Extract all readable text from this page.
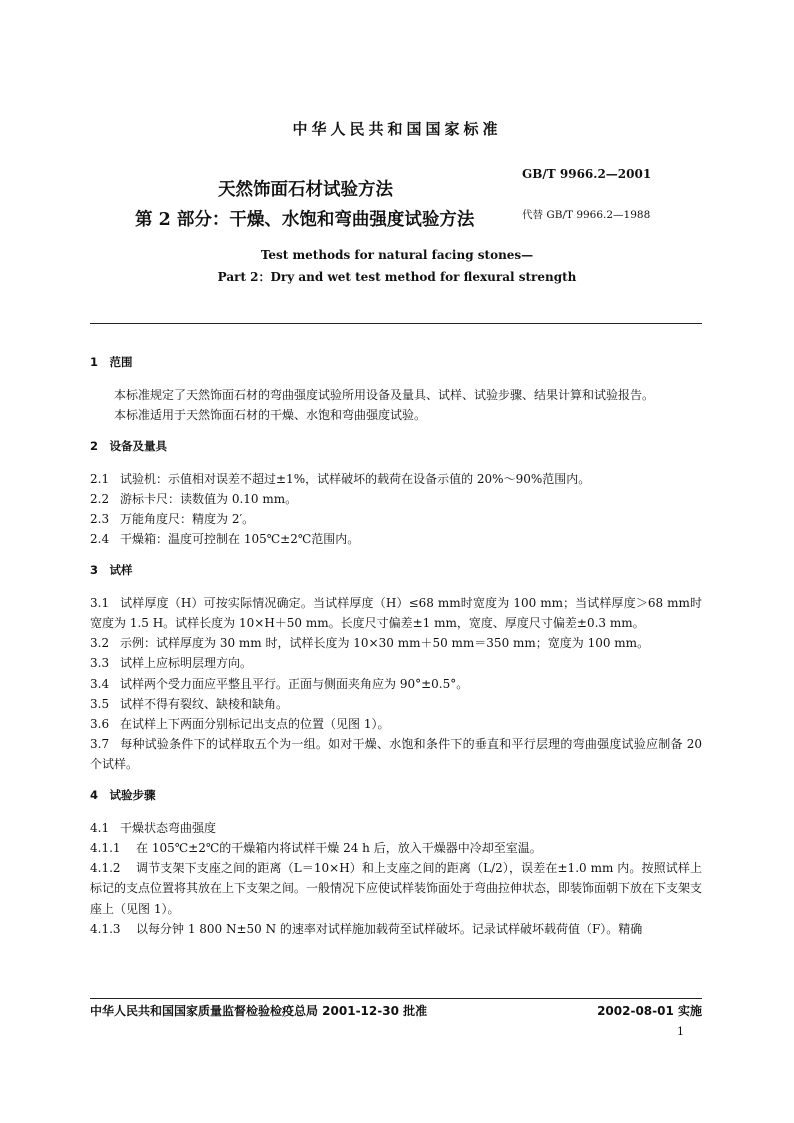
中华人民共和国国家标准
天然饰面石材试验方法
第 2 部分：干燥、水饱和弯曲强度试验方法
GB/T 9966.2—2001
代替 GB/T 9966.2—1988
Test methods for natural facing stones—
Part 2：Dry and wet test method for flexural strength

1　范围

本标准规定了天然饰面石材的弯曲强度试验所用设备及量具、试样、试验步骤、结果计算和试验报告。

本标准适用于天然饰面石材的干燥、水饱和弯曲强度试验。

2　设备及量具

2.1 试验机：示值相对误差不超过±1%，试样破坏的载荷在设备示值的 20%～90%范围内。

2.2 游标卡尺：读数值为 0.10 mm。

2.3 万能角度尺：精度为 2′。

2.4 干燥箱：温度可控制在 105℃±2℃范围内。

3　试样

3.1 试样厚度（H）可按实际情况确定。当试样厚度（H）≤68 mm时宽度为 100 mm；当试样厚度＞68 mm时宽度为 1.5 H。试样长度为 10×H＋50 mm。长度尺寸偏差±1 mm，宽度、厚度尺寸偏差±0.3 mm。

3.2 示例：试样厚度为 30 mm 时，试样长度为 10×30 mm＋50 mm＝350 mm；宽度为 100 mm。

3.3 试样上应标明层理方向。

3.4 试样两个受力面应平整且平行。正面与侧面夹角应为 90°±0.5°。

3.5 试样不得有裂纹、缺棱和缺角。

3.6 在试样上下两面分别标记出支点的位置（见图 1）。

3.7 每种试验条件下的试样取五个为一组。如对干燥、水饱和条件下的垂直和平行层理的弯曲强度试验应制备 20 个试样。

4　试验步骤

4.1 干燥状态弯曲强度

4.1.1 在 105℃±2℃的干燥箱内将试样干燥 24 h 后，放入干燥器中冷却至室温。

4.1.2 调节支架下支座之间的距离（L＝10×H）和上支座之间的距离（L/2），误差在±1.0 mm 内。按照试样上标记的支点位置将其放在上下支架之间。一般情况下应使试样装饰面处于弯曲拉伸状态，即装饰面朝下放在下支架支座上（见图 1）。

4.1.3 以每分钟 1 800 N±50 N 的速率对试样施加载荷至试样破坏。记录试样破坏载荷值（F）。精确

中华人民共和国国家质量监督检验检疫总局 2001-12-30 批准	2002-08-01 实施
1
